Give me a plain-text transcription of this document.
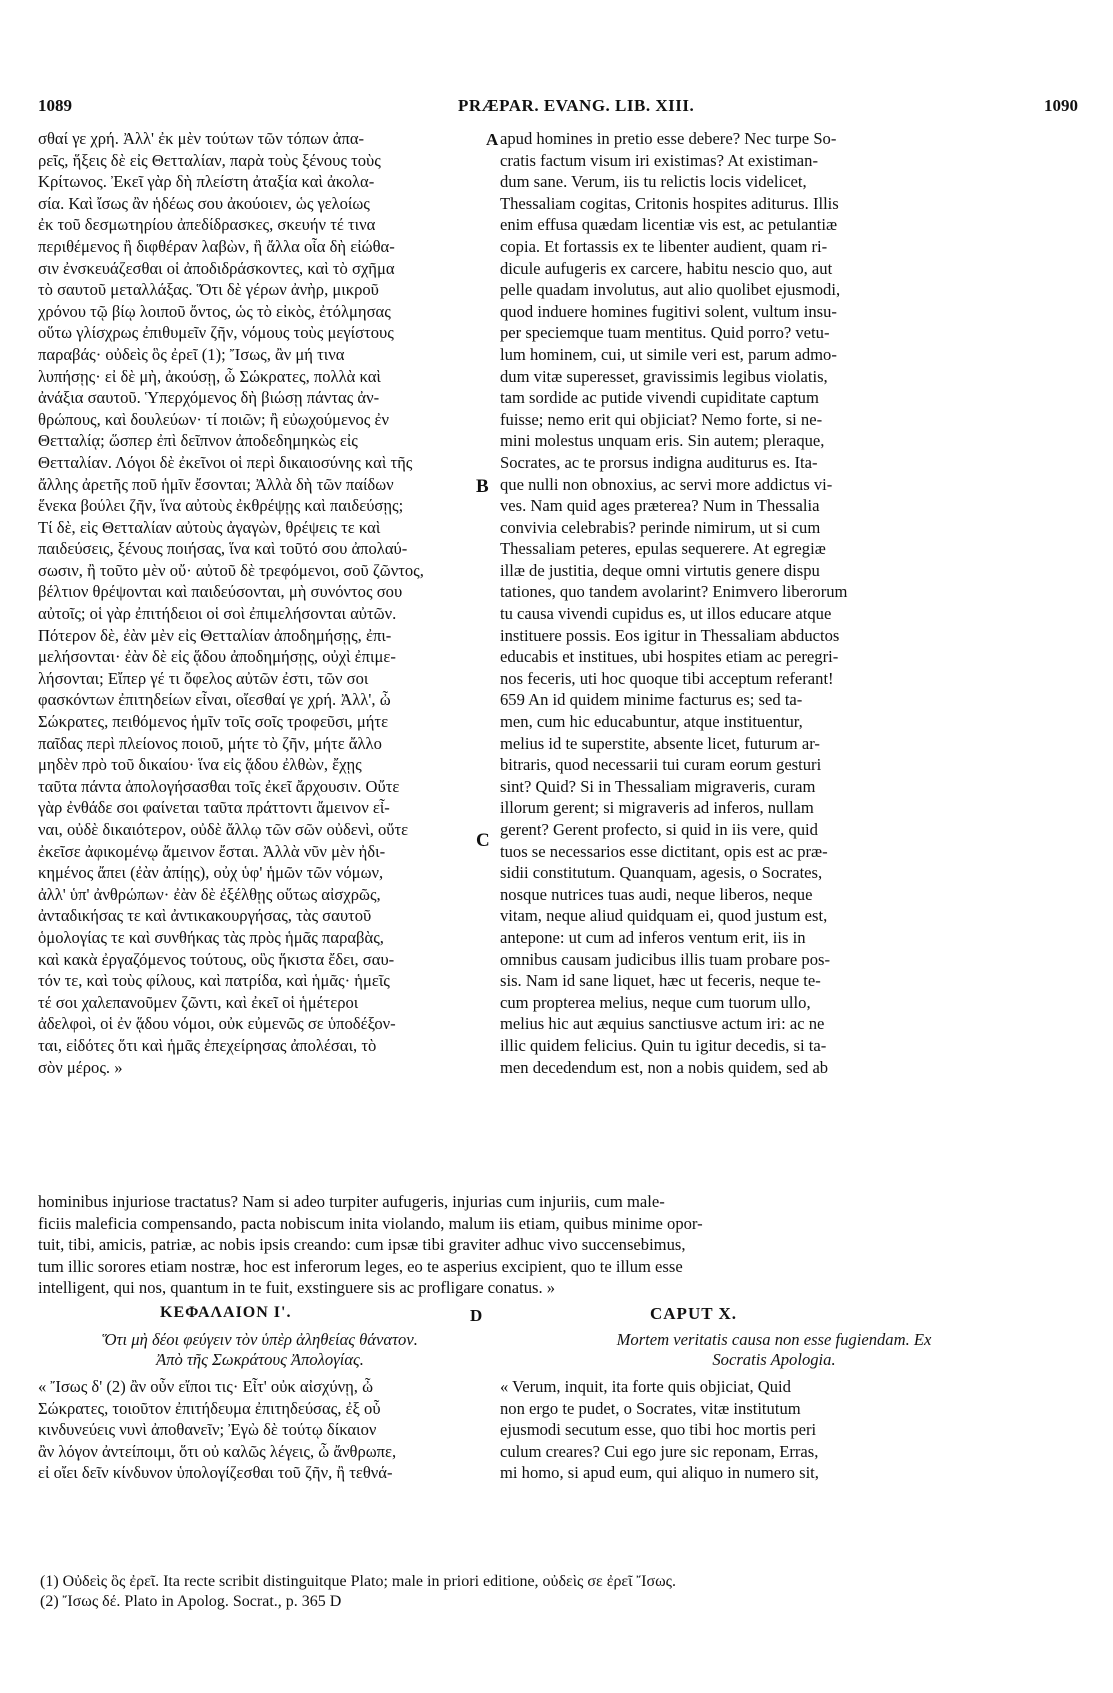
1089	PRÆPAR. EVANG. LIB. XIII.	1090
A
B
C
D
σθαί γε χρή. Ἀλλ' ἐκ μὲν τούτων τῶν τόπων ἀπα-
ρεῖς, ἥξεις δὲ εἰς Θετταλίαν, παρὰ τοὺς ξένους τοὺς
Κρίτωνος. Ἐκεῖ γὰρ δὴ πλείστη ἀταξία καὶ ἀκολα-
σία. Καὶ ἴσως ἂν ἡδέως σου ἀκούοιεν, ὡς γελοίως
ἐκ τοῦ δεσμωτηρίου ἀπεδίδρασκες, σκευήν τέ τινα
περιθέμενος ἢ διφθέραν λαβὼν, ἢ ἄλλα οἷα δὴ εἰώθα-
σιν ἐνσκευάζεσθαι οἱ ἀποδιδράσκοντες, καὶ τὸ σχῆμα
τὸ σαυτοῦ μεταλλάξας. Ὅτι δὲ γέρων ἀνὴρ, μικροῦ
χρόνου τῷ βίῳ λοιποῦ ὄντος, ὡς τὸ εἰκὸς, ἐτόλμησας
οὕτω γλίσχρως ἐπιθυμεῖν ζῆν, νόμους τοὺς μεγίστους
παραβάς· οὐδεὶς ὃς ἐρεῖ (1); Ἴσως, ἂν μή τινα
λυπήσῃς· εἰ δὲ μὴ, ἀκούσῃ, ὦ Σώκρατες, πολλὰ καὶ
ἀνάξια σαυτοῦ. Ὑπερχόμενος δὴ βιώσῃ πάντας ἀν-
θρώπους, καὶ δουλεύων· τί ποιῶν; ἢ εὐωχούμενος ἐν
Θετταλίᾳ; ὥσπερ ἐπὶ δεῖπνον ἀποδεδημηκὼς εἰς
Θετταλίαν. Λόγοι δὲ ἐκεῖνοι οἱ περὶ δικαιοσύνης καὶ τῆς
ἄλλης ἀρετῆς ποῦ ἡμῖν ἔσονται; Ἀλλὰ δὴ τῶν παίδων
ἕνεκα βούλει ζῆν, ἵνα αὐτοὺς ἐκθρέψῃς καὶ παιδεύσῃς;
Τί δὲ, εἰς Θετταλίαν αὐτοὺς ἀγαγὼν, θρέψεις τε καὶ
παιδεύσεις, ξένους ποιήσας, ἵνα καὶ τοῦτό σου ἀπολαύ-
σωσιν, ἢ τοῦτο μὲν οὔ· αὐτοῦ δὲ τρεφόμενοι, σοῦ ζῶντος,
βέλτιον θρέψονται καὶ παιδεύσονται, μὴ συνόντος σου
αὐτοῖς; οἱ γὰρ ἐπιτήδειοι οἱ σοὶ ἐπιμελήσονται αὐτῶν.
Πότερον δὲ, ἐὰν μὲν εἰς Θετταλίαν ἀποδημήσῃς, ἐπι-
μελήσονται· ἐὰν δὲ εἰς ᾅδου ἀποδημήσῃς, οὐχὶ ἐπιμε-
λήσονται; Εἴπερ γέ τι ὄφελος αὐτῶν ἐστι, τῶν σοι
φασκόντων ἐπιτηδείων εἶναι, οἴεσθαί γε χρή. Ἀλλ', ὦ
Σώκρατες, πειθόμενος ἡμῖν τοῖς σοῖς τροφεῦσι, μήτε
παῖδας περὶ πλείονος ποιοῦ, μήτε τὸ ζῆν, μήτε ἄλλο
μηδὲν πρὸ τοῦ δικαίου· ἵνα εἰς ᾅδου ἐλθὼν, ἔχῃς
ταῦτα πάντα ἀπολογήσασθαι τοῖς ἐκεῖ ἄρχουσιν. Οὔτε
γὰρ ἐνθάδε σοι φαίνεται ταῦτα πράττοντι ἄμεινον εἶ-
ναι, οὐδὲ δικαιότερον, οὐδὲ ἄλλῳ τῶν σῶν οὐδενὶ, οὔτε
ἐκεῖσε ἀφικομένῳ ἄμεινον ἔσται. Ἀλλὰ νῦν μὲν ἠδι-
κημένος ἄπει (ἐὰν ἀπίῃς), οὐχ ὑφ' ἡμῶν τῶν νόμων,
ἀλλ' ὑπ' ἀνθρώπων· ἐὰν δὲ ἐξέλθῃς οὕτως αἰσχρῶς,
ἀνταδικήσας τε καὶ ἀντικακουργήσας, τὰς σαυτοῦ
ὁμολογίας τε καὶ συνθήκας τὰς πρὸς ἡμᾶς παραβὰς,
καὶ κακὰ ἐργαζόμενος τούτους, οὓς ἥκιστα ἔδει, σαυ-
τόν τε, καὶ τοὺς φίλους, καὶ πατρίδα, καὶ ἡμᾶς· ἡμεῖς
τέ σοι χαλεπανοῦμεν ζῶντι, καὶ ἐκεῖ οἱ ἡμέτεροι
ἀδελφοὶ, οἱ ἐν ᾅδου νόμοι, οὐκ εὐμενῶς σε ὑποδέξον-
ται, εἰδότες ὅτι καὶ ἡμᾶς ἐπεχείρησας ἀπολέσαι, τὸ
σὸν μέρος. »
apud homines in pretio esse debere? Nec turpe So-
cratis factum visum iri existimas? At existiman-
dum sane. Verum, iis tu relictis locis videlicet,
Thessaliam cogitas, Critonis hospites aditurus. Illis
enim effusa quædam licentiæ vis est, ac petulantiæ
copia. Et fortassis ex te libenter audient, quam ri-
dicule aufugeris ex carcere, habitu nescio quo, aut
pelle quadam involutus, aut alio quolibet ejusmodi,
quod induere homines fugitivi solent, vultum insu-
per speciemque tuam mentitus. Quid porro? vetu-
lum hominem, cui, ut simile veri est, parum admo-
dum vitæ superesset, gravissimis legibus violatis,
tam sordide ac putide vivendi cupiditate captum
fuisse; nemo erit qui objiciat? Nemo forte, si ne-
mini molestus unquam eris. Sin autem; pleraque,
Socrates, ac te prorsus indigna auditurus es. Ita-
que nulli non obnoxius, ac servi more addictus vi-
ves. Nam quid ages præterea? Num in Thessalia
convivia celebrabis? perinde nimirum, ut si cum
Thessaliam peteres, epulas sequerere. At egregiæ
illæ de justitia, deque omni virtutis genere dispu
tationes, quo tandem avolarint? Enimvero liberorum
tu causa vivendi cupidus es, ut illos educare atque
instituere possis. Eos igitur in Thessaliam abductos
educabis et institues, ubi hospites etiam ac peregri-
nos feceris, uti hoc quoque tibi acceptum referant!
659 An id quidem minime facturus es; sed ta-
men, cum hic educabuntur, atque instituentur,
melius id te superstite, absente licet, futurum ar-
bitraris, quod necessarii tui curam eorum gesturi
sint? Quid? Si in Thessaliam migraveris, curam
illorum gerent; si migraveris ad inferos, nullam
gerent? Gerent profecto, si quid in iis vere, quid
tuos se necessarios esse dictitant, opis est ac præ-
sidii constitutum. Quanquam, agesis, o Socrates,
nosque nutrices tuas audi, neque liberos, neque
vitam, neque aliud quidquam ei, quod justum est,
antepone: ut cum ad inferos ventum erit, iis in
omnibus causam judicibus illis tuam probare pos-
sis. Nam id sane liquet, hæc ut feceris, neque te-
cum propterea melius, neque cum tuorum ullo,
melius hic aut æquius sanctiusve actum iri: ac ne
illic quidem felicius. Quin tu igitur decedis, si ta-
men decedendum est, non a nobis quidem, sed ab
hominibus injuriose tractatus? Nam si adeo turpiter aufugeris, injurias cum injuriis, cum male-
ficiis maleficia compensando, pacta nobiscum inita violando, malum iis etiam, quibus minime opor-
tuit, tibi, amicis, patriæ, ac nobis ipsis creando: cum ipsæ tibi graviter adhuc vivo succensebimus,
tum illic sorores etiam nostræ, hoc est inferorum leges, eo te asperius excipient, quo te illum esse
intelligent, qui nos, quantum in te fuit, exstinguere sis ac profligare conatus. »
ΚΕΦΑΛΑΙΟΝ Ι'.	CAPUT X.
Ὅτι μὴ δέοι φεύγειν τὸν ὑπὲρ ἀληθείας θάνατον.
Ἀπὸ τῆς Σωκράτους Ἀπολογίας.
Mortem veritatis causa non esse fugiendam. Ex
Socratis Apologia.
« Ἴσως δ' (2) ἂν οὖν εἴποι τις· Εἶτ' οὐκ αἰσχύνῃ, ὦ
Σώκρατες, τοιοῦτον ἐπιτήδευμα ἐπιτηδεύσας, ἐξ οὗ
κινδυνεύεις νυνὶ ἀποθανεῖν; Ἐγὼ δὲ τούτῳ δίκαιον
ἂν λόγον ἀντείποιμι, ὅτι οὐ καλῶς λέγεις, ὦ ἄνθρωπε,
εἰ οἴει δεῖν κίνδυνον ὑπολογίζεσθαι τοῦ ζῆν, ἢ τεθνά-
« Verum, inquit, ita forte quis objiciat, Quid
non ergo te pudet, o Socrates, vitæ institutum
ejusmodi secutum esse, quo tibi hoc mortis peri
culum creares? Cui ego jure sic reponam, Erras,
mi homo, si apud eum, qui aliquo in numero sit,
(1) Οὐδεὶς ὃς ἐρεῖ. Ita recte scribit distinguitque Plato; male in priori editione, οὐδεὶς σε ἐρεῖ Ἴσως.
(2) Ἴσως δέ. Plato in Apolog. Socrat., p. 365 D
